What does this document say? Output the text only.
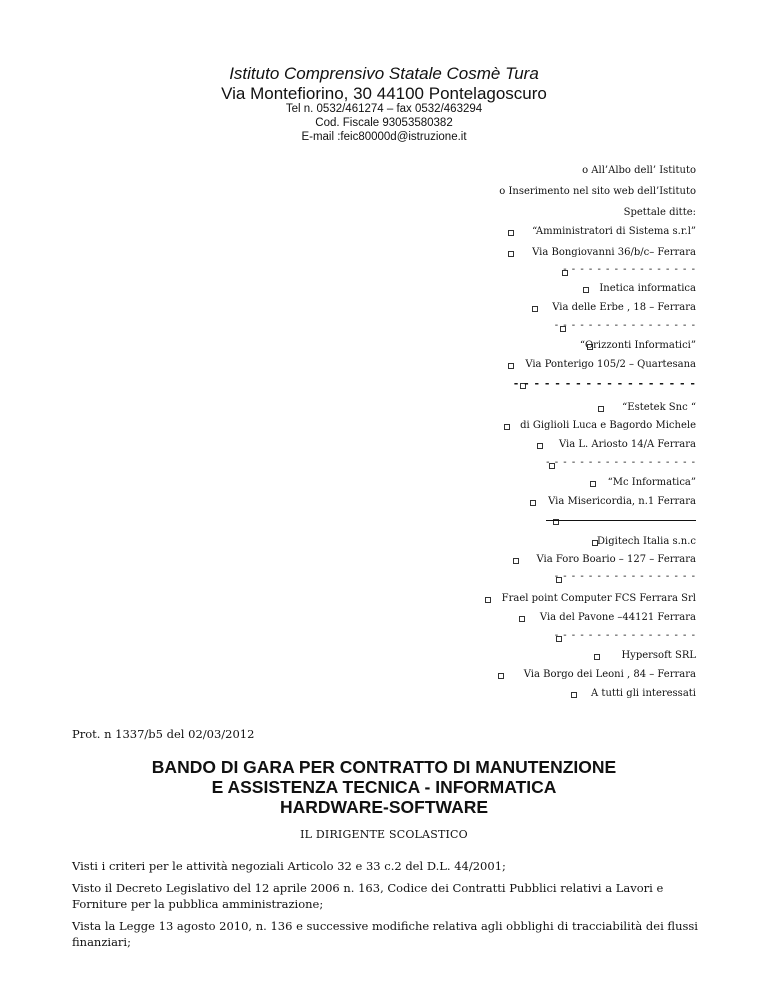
Istituto Comprensivo Statale Cosmè Tura
Via Montefiorino, 30 44100 Pontelagoscuro
Tel n. 0532/461274 – fax 0532/463294
Cod. Fiscale 93053580382
E-mail :feic80000d@istruzione.it
o All’Albo dell’ Istituto
o Inserimento nel sito web dell’Istituto
Spettale ditte:
“Amministratori di Sistema s.r.l”
Via Bongiovanni 36/b/c– Ferrara
- - - - - - - - - - - - - - - -
Inetica informatica
Via delle Erbe , 18 – Ferrara
- - - - - - - - - - - - - - - - -
“Orizzonti Informatici”
Via Ponterigo 105/2 – Quartesana
- - - - - - - - - - - - - - - - - -
“Estetek Snc “
di Giglioli Luca e Bagordo Michele
Via L. Ariosto 14/A Ferrara
- - - - - - - - - - - - - - - - - -
“Mc Informatica”
Via Misericordia, n.1 Ferrara
Digitech Italia s.n.c
Via Foro Boario – 127 – Ferrara
- - - - - - - - - - - - - - - - -
Frael point Computer FCS Ferrara Srl
Via del Pavone –44121 Ferrara
- - - - - - - - - - - - - - - - -
Hypersoft SRL
Via Borgo dei Leoni , 84 – Ferrara
A tutti gli interessati
Prot. n 1337/b5 del 02/03/2012
BANDO DI GARA PER CONTRATTO DI MANUTENZIONE
E ASSISTENZA TECNICA - INFORMATICA
HARDWARE-SOFTWARE
IL DIRIGENTE SCOLASTICO
Visti i criteri per le attività negoziali Articolo 32 e 33 c.2 del D.L. 44/2001;
Visto il Decreto Legislativo del 12 aprile 2006 n. 163, Codice dei Contratti Pubblici relativi a Lavori e Forniture per la pubblica amministrazione;
Vista la Legge 13 agosto 2010, n. 136 e successive modifiche relativa agli obblighi di tracciabilità dei flussi finanziari;
